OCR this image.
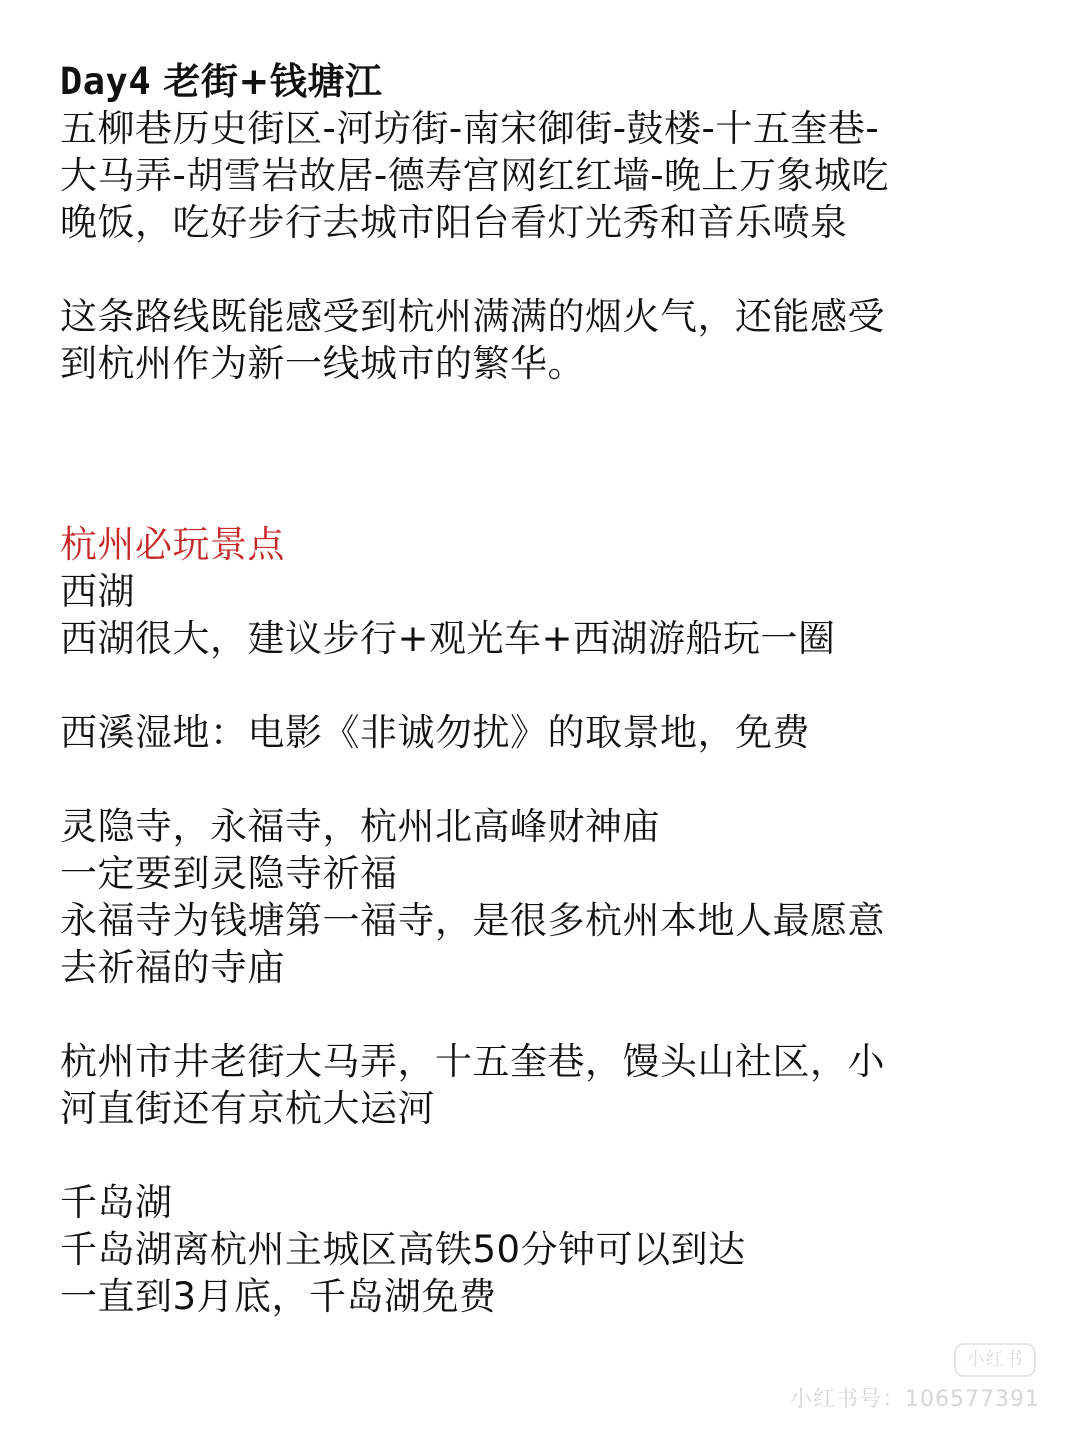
Day4 老街+钱塘江
五柳巷历史街区-河坊街-南宋御街-鼓楼-十五奎巷-
大马弄-胡雪岩故居-德寿宫网红红墙-晚上万象城吃
晚饭，吃好步行去城市阳台看灯光秀和音乐喷泉
这条路线既能感受到杭州满满的烟火气，还能感受
到杭州作为新一线城市的繁华。
杭州必玩景点
西湖
西湖很大，建议步行+观光车+西湖游船玩一圈
西溪湿地：电影《非诚勿扰》的取景地，免费
灵隐寺，永福寺，杭州北高峰财神庙
一定要到灵隐寺祈福
永福寺为钱塘第一福寺，是很多杭州本地人最愿意
去祈福的寺庙
杭州市井老街大马弄，十五奎巷，馒头山社区，小
河直街还有京杭大运河
千岛湖
千岛湖离杭州主城区高铁50分钟可以到达
一直到3月底，千岛湖免费
小红书
小红书号：106577391
